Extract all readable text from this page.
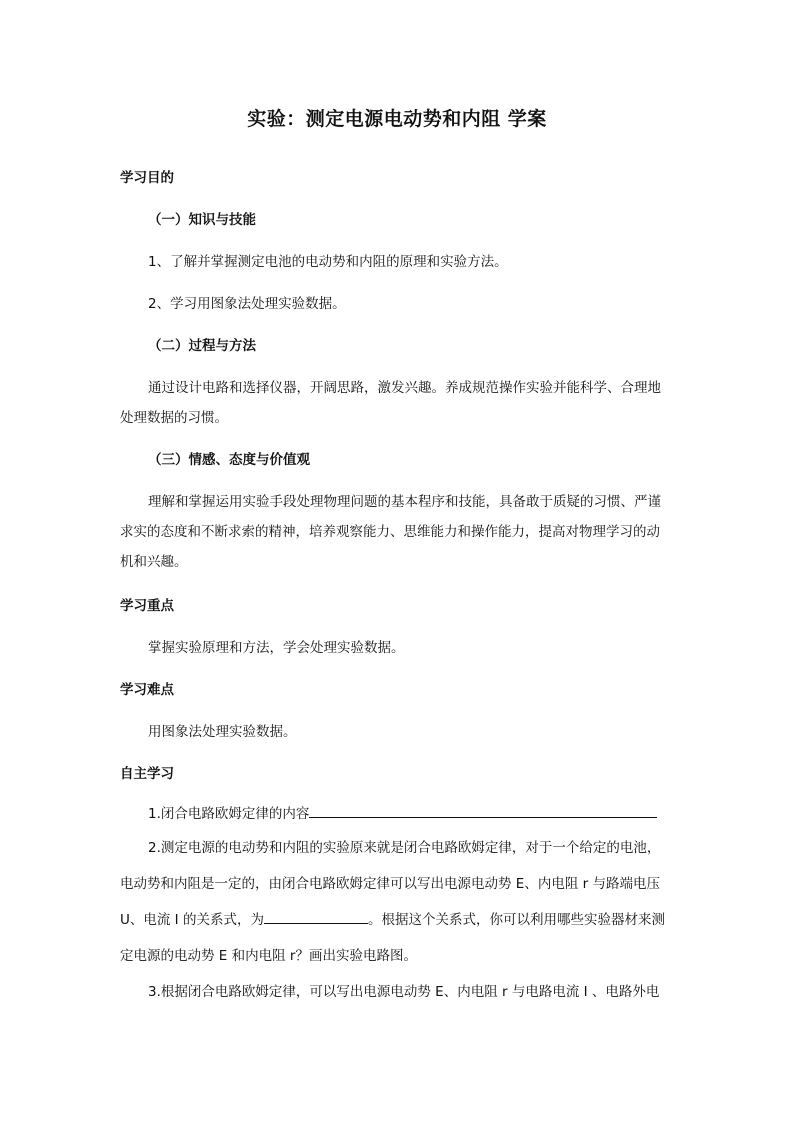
实验：测定电源电动势和内阻 学案
学习目的
（一）知识与技能
1、了解并掌握测定电池的电动势和内阻的原理和实验方法。
2、学习用图象法处理实验数据。
（二）过程与方法
通过设计电路和选择仪器，开阔思路，激发兴趣。养成规范操作实验并能科学、合理地
处理数据的习惯。
（三）情感、态度与价值观
理解和掌握运用实验手段处理物理问题的基本程序和技能，具备敢于质疑的习惯、严谨
求实的态度和不断求索的精神，培养观察能力、思维能力和操作能力，提高对物理学习的动
机和兴趣。
学习重点
掌握实验原理和方法，学会处理实验数据。
学习难点
用图象法处理实验数据。
自主学习
1.闭合电路欧姆定律的内容
2.测定电源的电动势和内阻的实验原来就是闭合电路欧姆定律，对于一个给定的电池，
电动势和内阻是一定的，由闭合电路欧姆定律可以写出电源电动势 E、内电阻 r 与路端电压
U、电流 I 的关系式，为	。根据这个关系式，你可以利用哪些实验器材来测
定电源的电动势 E 和内电阻 r？画出实验电路图。
3.根据闭合电路欧姆定律，可以写出电源电动势 E、内电阻 r 与电路电流 I 、电路外电
